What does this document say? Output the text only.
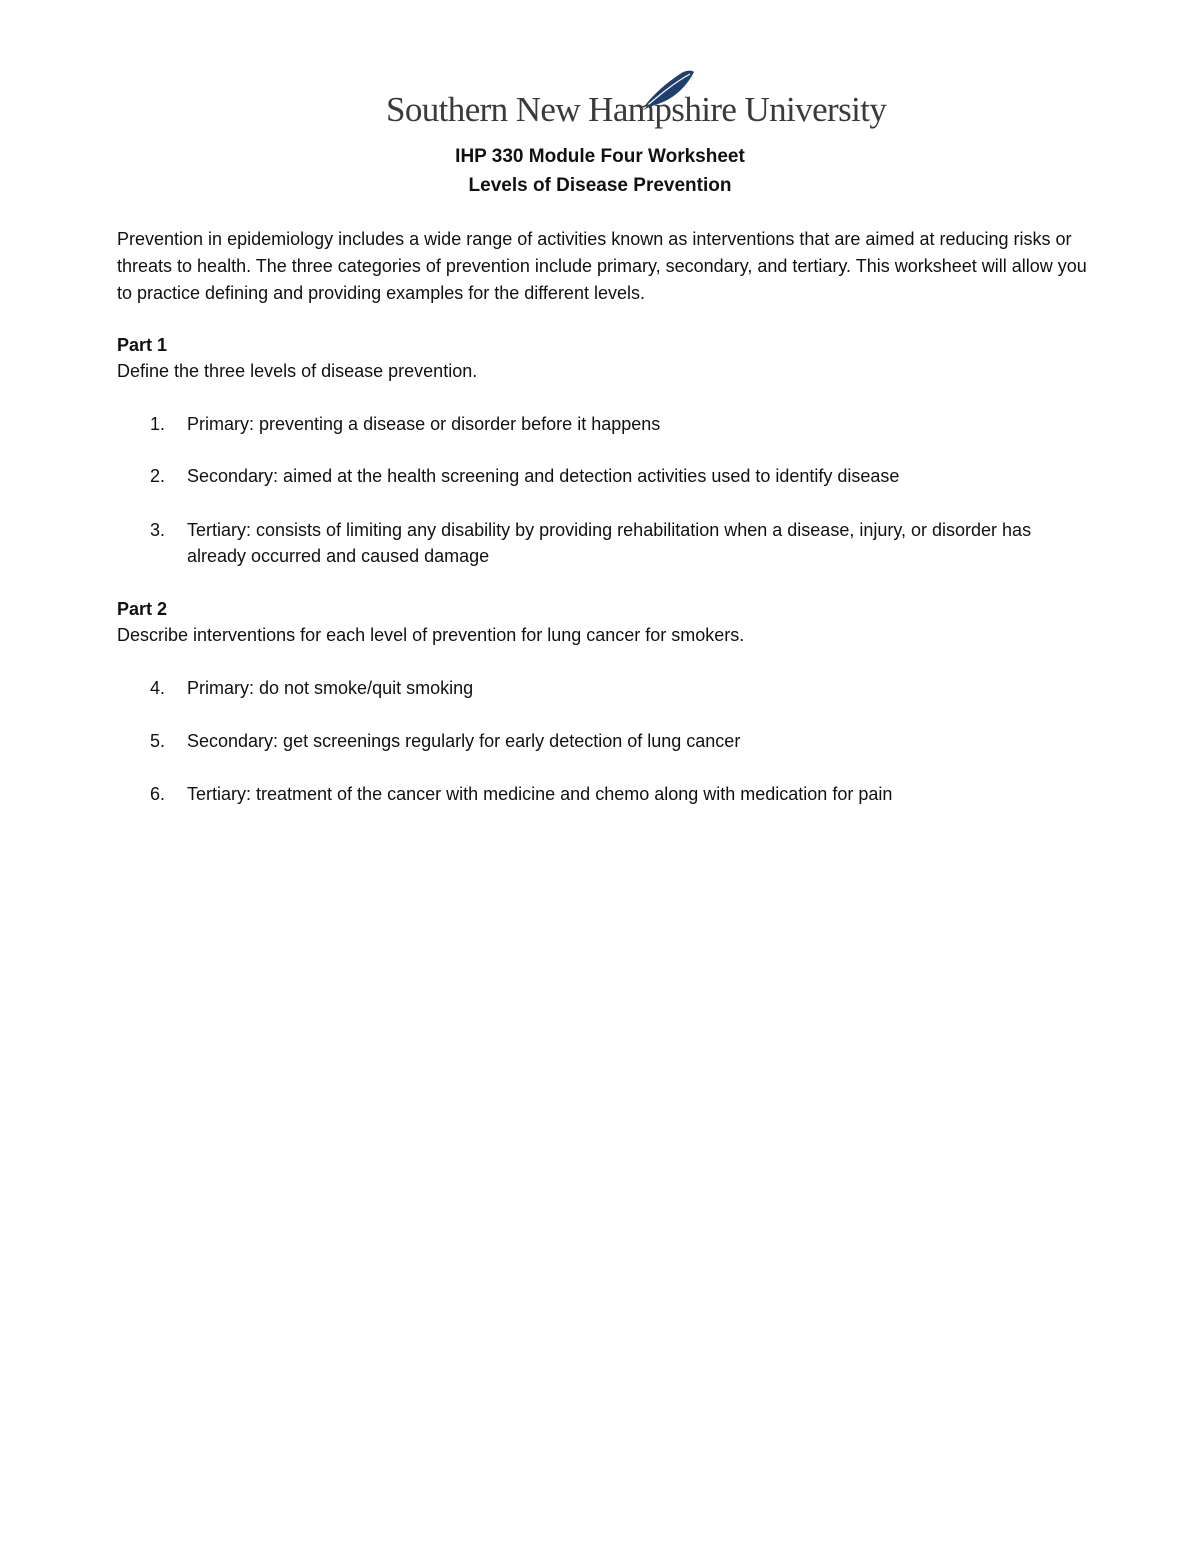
Southern New Hampshire University
IHP 330 Module Four Worksheet
Levels of Disease Prevention
Prevention in epidemiology includes a wide range of activities known as interventions that are aimed at reducing risks or threats to health. The three categories of prevention include primary, secondary, and tertiary. This worksheet will allow you to practice defining and providing examples for the different levels.
Part 1
Define the three levels of disease prevention.
1.	Primary: preventing a disease or disorder before it happens
2.	Secondary: aimed at the health screening and detection activities used to identify disease
3.	Tertiary: consists of limiting any disability by providing rehabilitation when a disease, injury, or disorder has already occurred and caused damage
Part 2
Describe interventions for each level of prevention for lung cancer for smokers.
4.	Primary: do not smoke/quit smoking
5.	Secondary: get screenings regularly for early detection of lung cancer
6.	Tertiary: treatment of the cancer with medicine and chemo along with medication for pain
